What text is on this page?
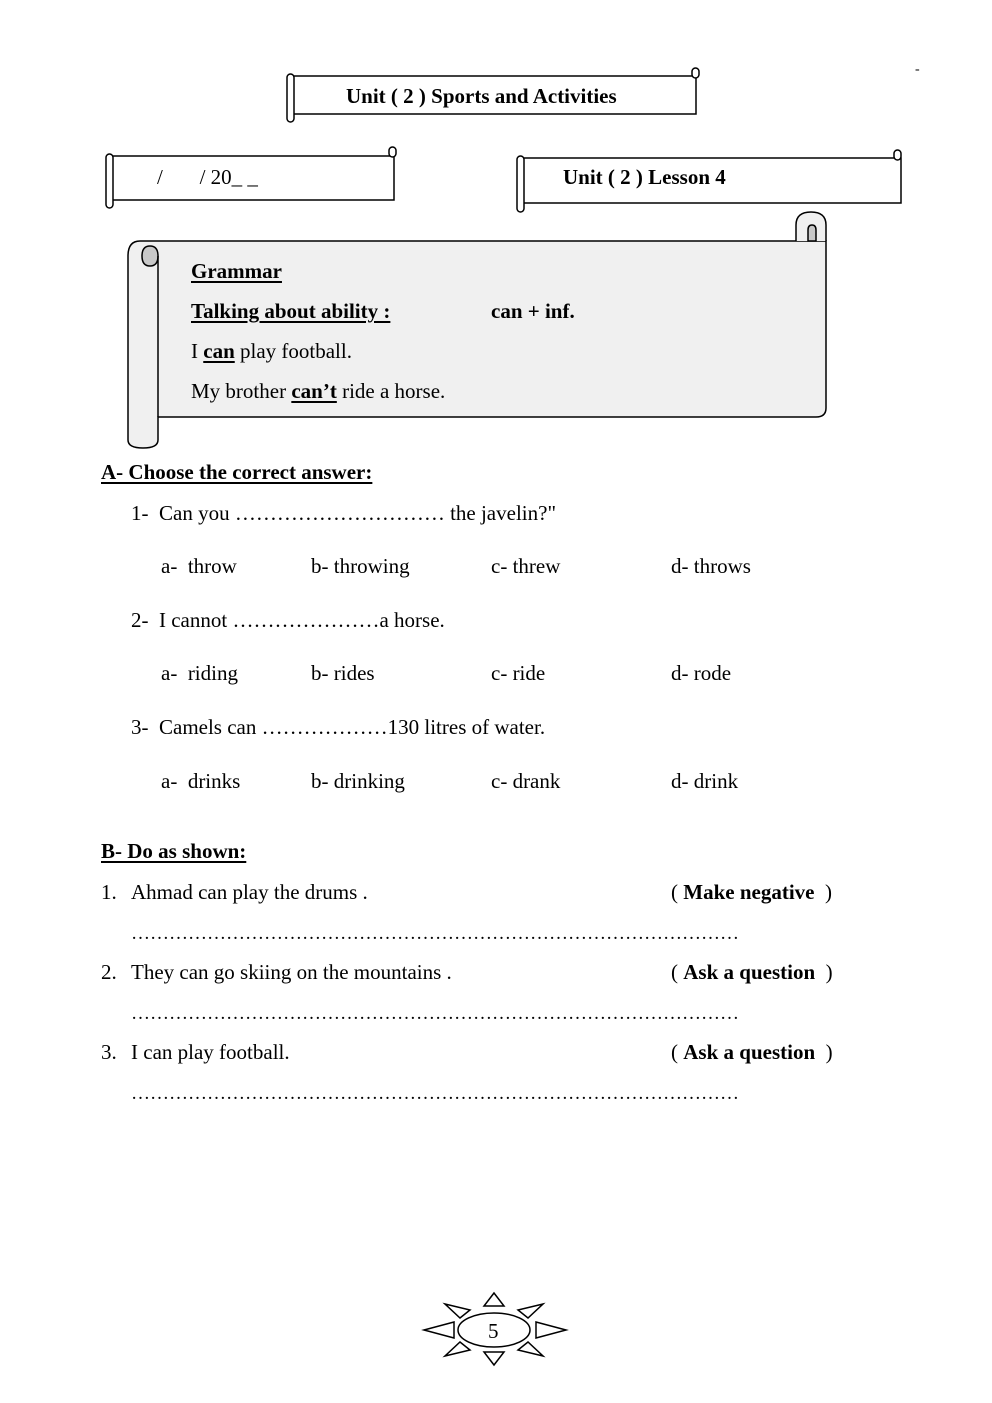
-
Unit ( 2 ) Sports and Activities
/       / 20_ _	Unit ( 2 ) Lesson 4
Grammar
Talking about ability :	can + inf.
I can play football.
My brother can’t ride a horse.
A- Choose the correct answer:
1-  Can you ………………………… the javelin?"
a-  throw	b- throwing	c- threw	d- throws
2-  I cannot …………………a horse.
a-  riding	b- rides	c- ride	d- rode
3-  Camels can ………………130 litres of water.
a-  drinks	b- drinking	c- drank	d- drink
B- Do as shown:
1. Ahmad can play the drums .	( Make negative  )
……………………………………………………………………………………
2. They can go skiing on the mountains .	( Ask a question  )
……………………………………………………………………………………
3. I can play football.	( Ask a question  )
……………………………………………………………………………………
5
